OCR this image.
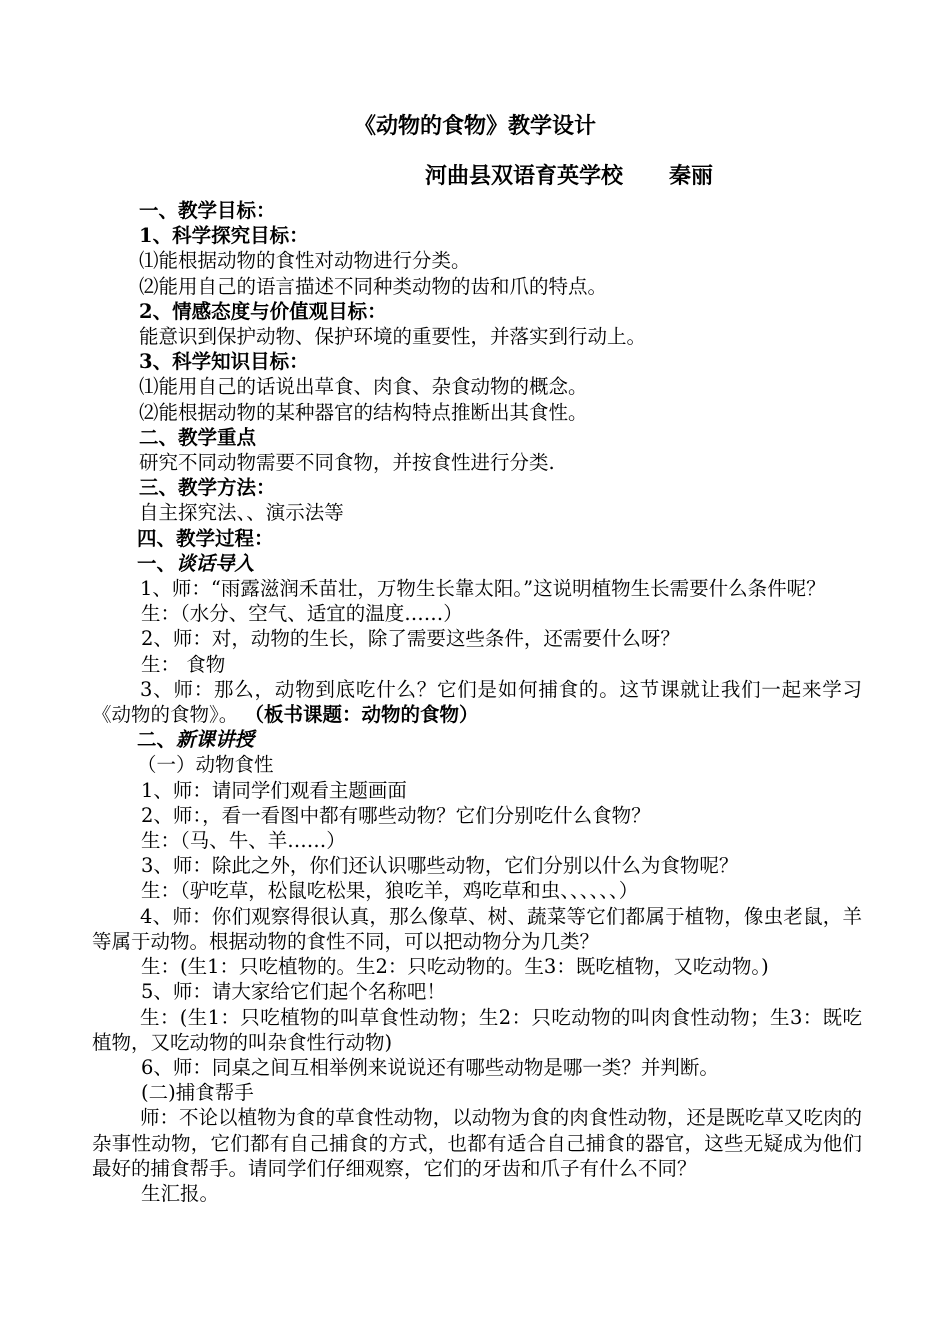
《动物的食物》教学设计
河曲县双语育英学校      秦丽

一、教学目标：

1、科学探究目标：

⑴能根据动物的食性对动物进行分类。

⑵能用自己的语言描述不同种类动物的齿和爪的特点。

2、情感态度与价值观目标：

能意识到保护动物、保护环境的重要性，并落实到行动上。

3、科学知识目标：

⑴能用自己的话说出草食、肉食、杂食动物的概念。

⑵能根据动物的某种器官的结构特点推断出其食性。

二、教学重点

研究不同动物需要不同食物，并按食性进行分类.

三、教学方法：

自主探究法、、演示法等

四、教学过程：

一、谈话导入

1、师：“雨露滋润禾苗壮，万物生长靠太阳。”这说明植物生长需要什么条件呢？

生：（水分、空气、适宜的温度……）

2、师：对，动物的生长，除了需要这些条件，还需要什么呀？

生： 食物

3、师：那么，动物到底吃什么？它们是如何捕食的。这节课就让我们一起来学习《动物的食物》。 （板书课题：动物的食物）

二、新课讲授

（一）动物食性

1、师：请同学们观看主题画面

2、师：，看一看图中都有哪些动物？它们分别吃什么食物？

生：（马、牛、羊……）

3、师：除此之外，你们还认识哪些动物，它们分别以什么为食物呢？

生：（驴吃草，松鼠吃松果，狼吃羊，鸡吃草和虫、、、、、、）

4、师：你们观察得很认真，那么像草、树、蔬菜等它们都属于植物，像虫老鼠，羊等属于动物。根据动物的食性不同，可以把动物分为几类？

生：(生1：只吃植物的。生2：只吃动物的。生3：既吃植物，又吃动物。)

5、师：请大家给它们起个名称吧！

生：(生1：只吃植物的叫草食性动物；生2：只吃动物的叫肉食性动物；生3：既吃植物，又吃动物的叫杂食性行动物)

6、师：同桌之间互相举例来说说还有哪些动物是哪一类？并判断。

(二)捕食帮手

师：不论以植物为食的草食性动物，以动物为食的肉食性动物，还是既吃草又吃肉的杂事性动物，它们都有自己捕食的方式，也都有适合自己捕食的器官，这些无疑成为他们最好的捕食帮手。请同学们仔细观察，它们的牙齿和爪子有什么不同？

生汇报。
